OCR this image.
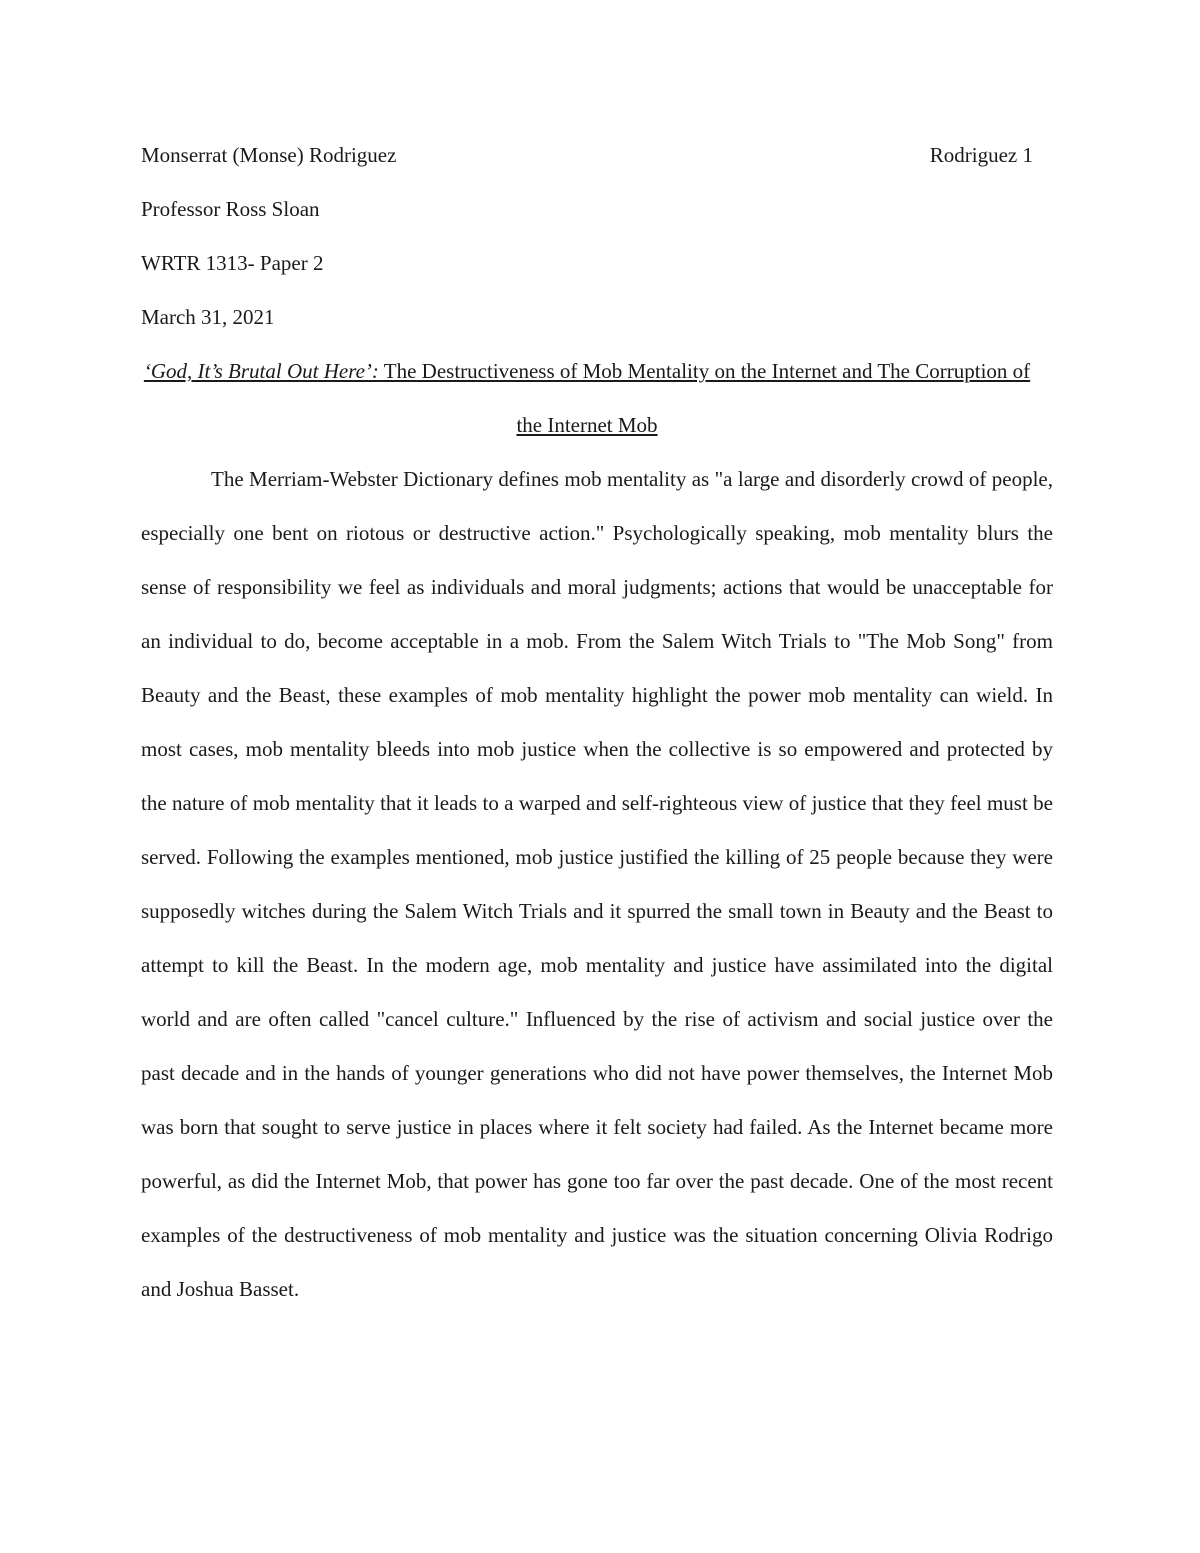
Monserrat (Monse) Rodriguez	Rodriguez 1
Professor Ross Sloan
WRTR 1313- Paper 2
March 31, 2021
‘God, It’s Brutal Out Here’: The Destructiveness of Mob Mentality on the Internet and The Corruption of the Internet Mob

The Merriam-Webster Dictionary defines mob mentality as "a large and disorderly crowd of people, especially one bent on riotous or destructive action." Psychologically speaking, mob mentality blurs the sense of responsibility we feel as individuals and moral judgments; actions that would be unacceptable for an individual to do, become acceptable in a mob. From the Salem Witch Trials to "The Mob Song" from Beauty and the Beast, these examples of mob mentality highlight the power mob mentality can wield. In most cases, mob mentality bleeds into mob justice when the collective is so empowered and protected by the nature of mob mentality that it leads to a warped and self-righteous view of justice that they feel must be served. Following the examples mentioned, mob justice justified the killing of 25 people because they were supposedly witches during the Salem Witch Trials and it spurred the small town in Beauty and the Beast to attempt to kill the Beast. In the modern age, mob mentality and justice have assimilated into the digital world and are often called "cancel culture." Influenced by the rise of activism and social justice over the past decade and in the hands of younger generations who did not have power themselves, the Internet Mob was born that sought to serve justice in places where it felt society had failed. As the Internet became more powerful, as did the Internet Mob, that power has gone too far over the past decade. One of the most recent examples of the destructiveness of mob mentality and justice was the situation concerning Olivia Rodrigo and Joshua Basset.
